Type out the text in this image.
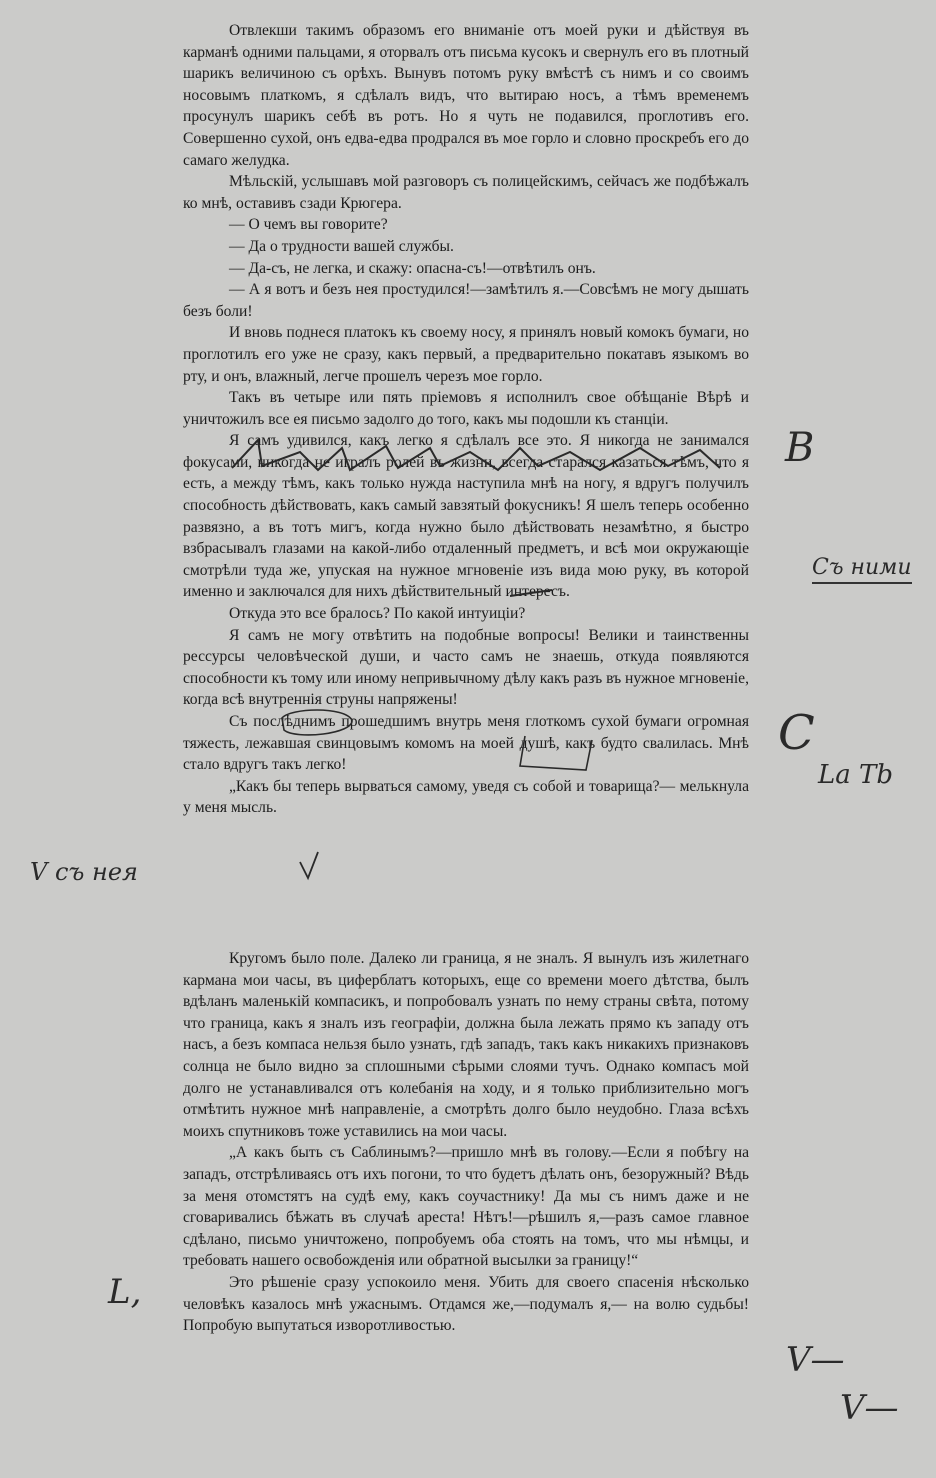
Отвлекши такимъ образомъ его вниманіе отъ моей руки и дѣйствуя въ карманѣ одними пальцами, я оторвалъ отъ письма кусокъ и свернулъ его въ плотный шарикъ величиною съ орѣхъ. Вынувъ потомъ руку вмѣстѣ съ нимъ и со своимъ носовымъ платкомъ, я сдѣлалъ видъ, что вытираю носъ, а тѣмъ временемъ просунулъ шарикъ себѣ въ ротъ. Но я чуть не подавился, проглотивъ его. Совершенно сухой, онъ едва-едва продрался въ мое горло и словно проскребъ его до самаго желудка.

Мѣльскій, услышавъ мой разговоръ съ полицейскимъ, сейчасъ же подбѣжалъ ко мнѣ, оставивъ сзади Крюгера.

— О чемъ вы говорите?

— Да о трудности вашей службы.

— Да-съ, не легка, и скажу: опасна-съ!—отвѣтилъ онъ.

— А я вотъ и безъ нея простудился!—замѣтилъ я.—Совсѣмъ не могу дышать безъ боли!

И вновь поднеся платокъ къ своему носу, я принялъ новый комокъ бумаги, но проглотилъ его уже не сразу, какъ первый, а предварительно покатавъ языкомъ во рту, и онъ, влажный, легче прошелъ черезъ мое горло.

Такъ въ четыре или пять пріемовъ я исполнилъ свое обѣщаніе Вѣрѣ и уничтожилъ все ея письмо задолго до того, какъ мы подошли къ станціи.

Я самъ удивился, какъ легко я сдѣлалъ все это. Я никогда не занимался фокусами, никогда не игралъ ролей въ жизни, всегда старался казаться тѣмъ, что я есть, а между тѣмъ, какъ только нужда наступила мнѣ на ногу, я вдругъ получилъ способность дѣйствовать, какъ самый завзятый фокусникъ! Я шелъ теперь особенно развязно, а въ тотъ мигъ, когда нужно было дѣйствовать незамѣтно, я быстро взбрасывалъ глазами на какой-либо отдаленный предметъ, и всѣ мои окружающіе смотрѣли туда же, упуская на нужное мгновеніе изъ вида мою руку, въ которой именно и заключался для нихъ дѣйствительный интересъ.

Откуда это все бралось? По какой интуиціи?

Я самъ не могу отвѣтить на подобные вопросы! Велики и таинственны рессурсы человѣческой души, и часто самъ не знаешь, откуда появляются способности къ тому или иному непривычному дѣлу какъ разъ въ нужное мгновеніе, когда всѣ внутреннія струны напряжены!

Съ послѣднимъ прошедшимъ внутрь меня глоткомъ сухой бумаги огромная тяжесть, лежавшая свинцовымъ комомъ на моей душѣ, какъ будто свалилась. Мнѣ стало вдругъ такъ легко!

„Какъ бы теперь вырваться самому, уведя съ собой и товарища?— мелькнула у меня мысль.

Кругомъ было поле. Далеко ли граница, я не зналъ. Я вынулъ изъ жилетнаго кармана мои часы, въ циферблатъ которыхъ, еще со времени моего дѣтства, былъ вдѣланъ маленькій компасикъ, и попробовалъ узнать по нему страны свѣта, потому что граница, какъ я зналъ изъ географіи, должна была лежать прямо къ западу отъ насъ, а безъ компаса нельзя было узнать, гдѣ западъ, такъ какъ никакихъ признаковъ солнца не было видно за сплошными сѣрыми слоями тучъ. Однако компасъ мой долго не устанавливался отъ колебанія на ходу, и я только приблизительно могъ отмѣтить нужное мнѣ направленіе, а смотрѣть долго было неудобно. Глаза всѣхъ моихъ спутниковъ тоже уставились на мои часы.

„А какъ быть съ Саблинымъ?—пришло мнѣ въ голову.—Если я побѣгу на западъ, отстрѣливаясь отъ ихъ погони, то что будетъ дѣлать онъ, безоружный? Вѣдь за меня отомстятъ на судѣ ему, какъ соучастнику! Да мы съ нимъ даже и не сговаривались бѣжать въ случаѣ ареста! Нѣтъ!—рѣшилъ я,—разъ самое главное сдѣлано, письмо уничтожено, попробуемъ оба стоять на томъ, что мы нѣмцы, и требовать нашего освобожденія или обратной высылки за границу!“

Это рѣшеніе сразу успокоило меня. Убить для своего спасенія нѣсколько человѣкъ казалось мнѣ ужаснымъ. Отдамся же,—подумалъ я,— на волю судьбы! Попробую выпутаться изворотливостью.

В
Съ ними
С
La Tb
V съ нея
L,
V—
V—
